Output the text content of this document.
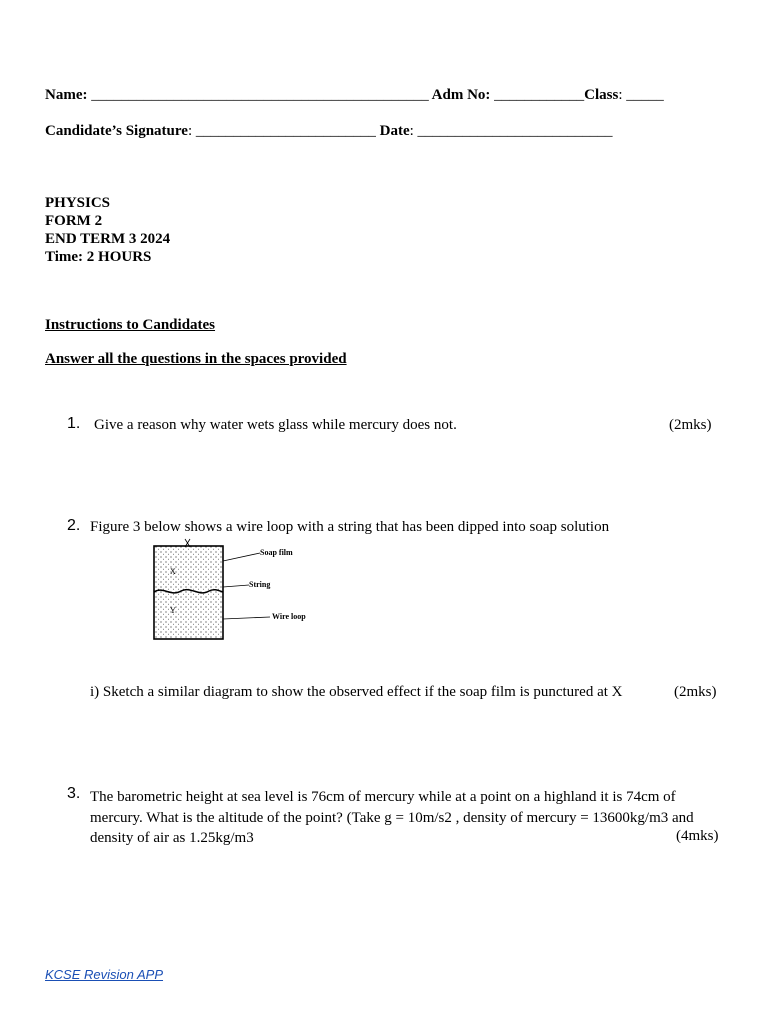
Name: _____________________________________________ Adm No: ____________Class: _____
Candidate’s Signature: ________________________ Date: __________________________
PHYSICS
FORM 2
END TERM 3 2024
Time: 2 HOURS
Instructions to Candidates
Answer all the questions in the spaces provided
1. Give a reason why water wets glass while mercury does not.	(2mks)
2. Figure 3 below shows a wire loop with a string that has been dipped into soap solution
Soap film
String
Wire loop
X
Y
i) Sketch a similar diagram to show the observed effect if the soap film is punctured at X	(2mks)
3. The barometric height at sea level is 76cm of mercury while at a point on a highland it is 74cm of
mercury. What is the altitude of the point? (Take g = 10m/s2 , density of mercury = 13600kg/m3 and
density of air as 1.25kg/m3	(4mks)
KCSE Revision APP
